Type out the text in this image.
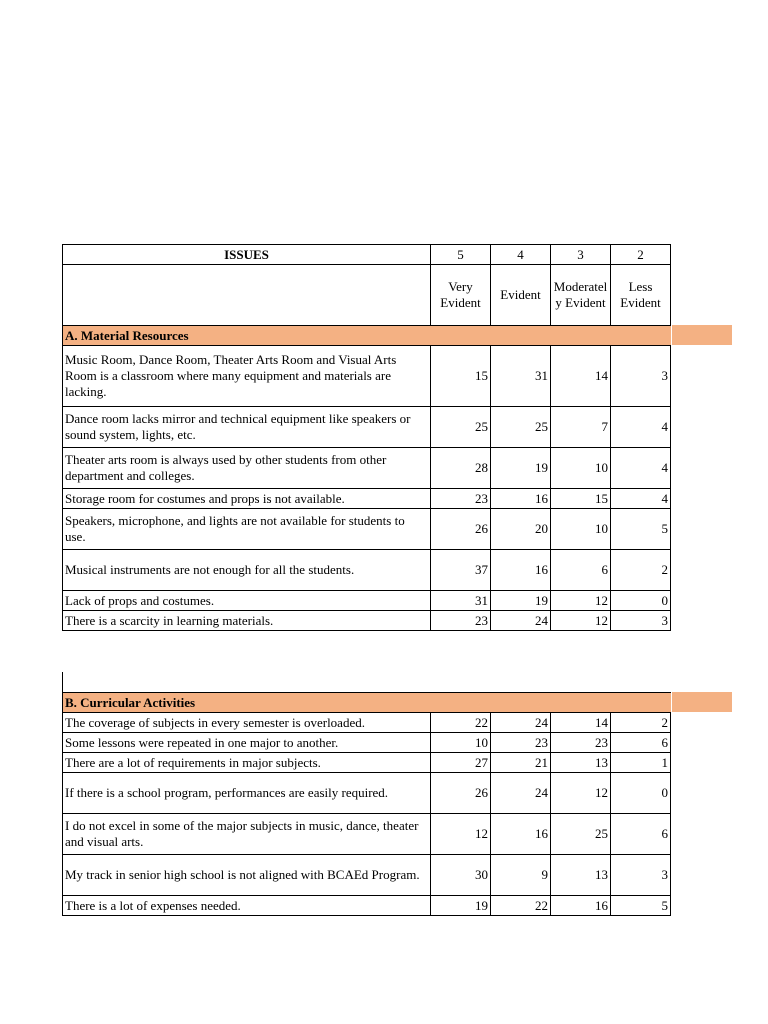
ISSUES	5	4	3	2
	Very Evident	Evident	Moderately Evident	Less Evident
A. Material Resources				
Music Room, Dance Room, Theater Arts Room and Visual Arts Room is a classroom where many equipment and materials are lacking.	15	31	14	3
Dance room lacks mirror and technical equipment like speakers or sound system, lights, etc.	25	25	7	4
Theater arts room is always used by other students from other department and colleges.	28	19	10	4
Storage room for costumes and props is not available.	23	16	15	4
Speakers, microphone, and lights are not available for students to use.	26	20	10	5
Musical instruments are not enough for all the students.	37	16	6	2
Lack of props and costumes.	31	19	12	0
There is a scarcity in learning materials.	23	24	12	3
B. Curricular Activities				
The coverage of subjects in every semester is overloaded.	22	24	14	2
Some lessons were repeated in one major to another.	10	23	23	6
There are a lot of requirements in major subjects.	27	21	13	1
If there is a school program, performances are easily required.	26	24	12	0
I do not excel in some of the major subjects in music, dance, theater and visual arts.	12	16	25	6
My track in senior high school is not aligned with BCAEd Program.	30	9	13	3
There is a lot of expenses needed.	19	22	16	5
